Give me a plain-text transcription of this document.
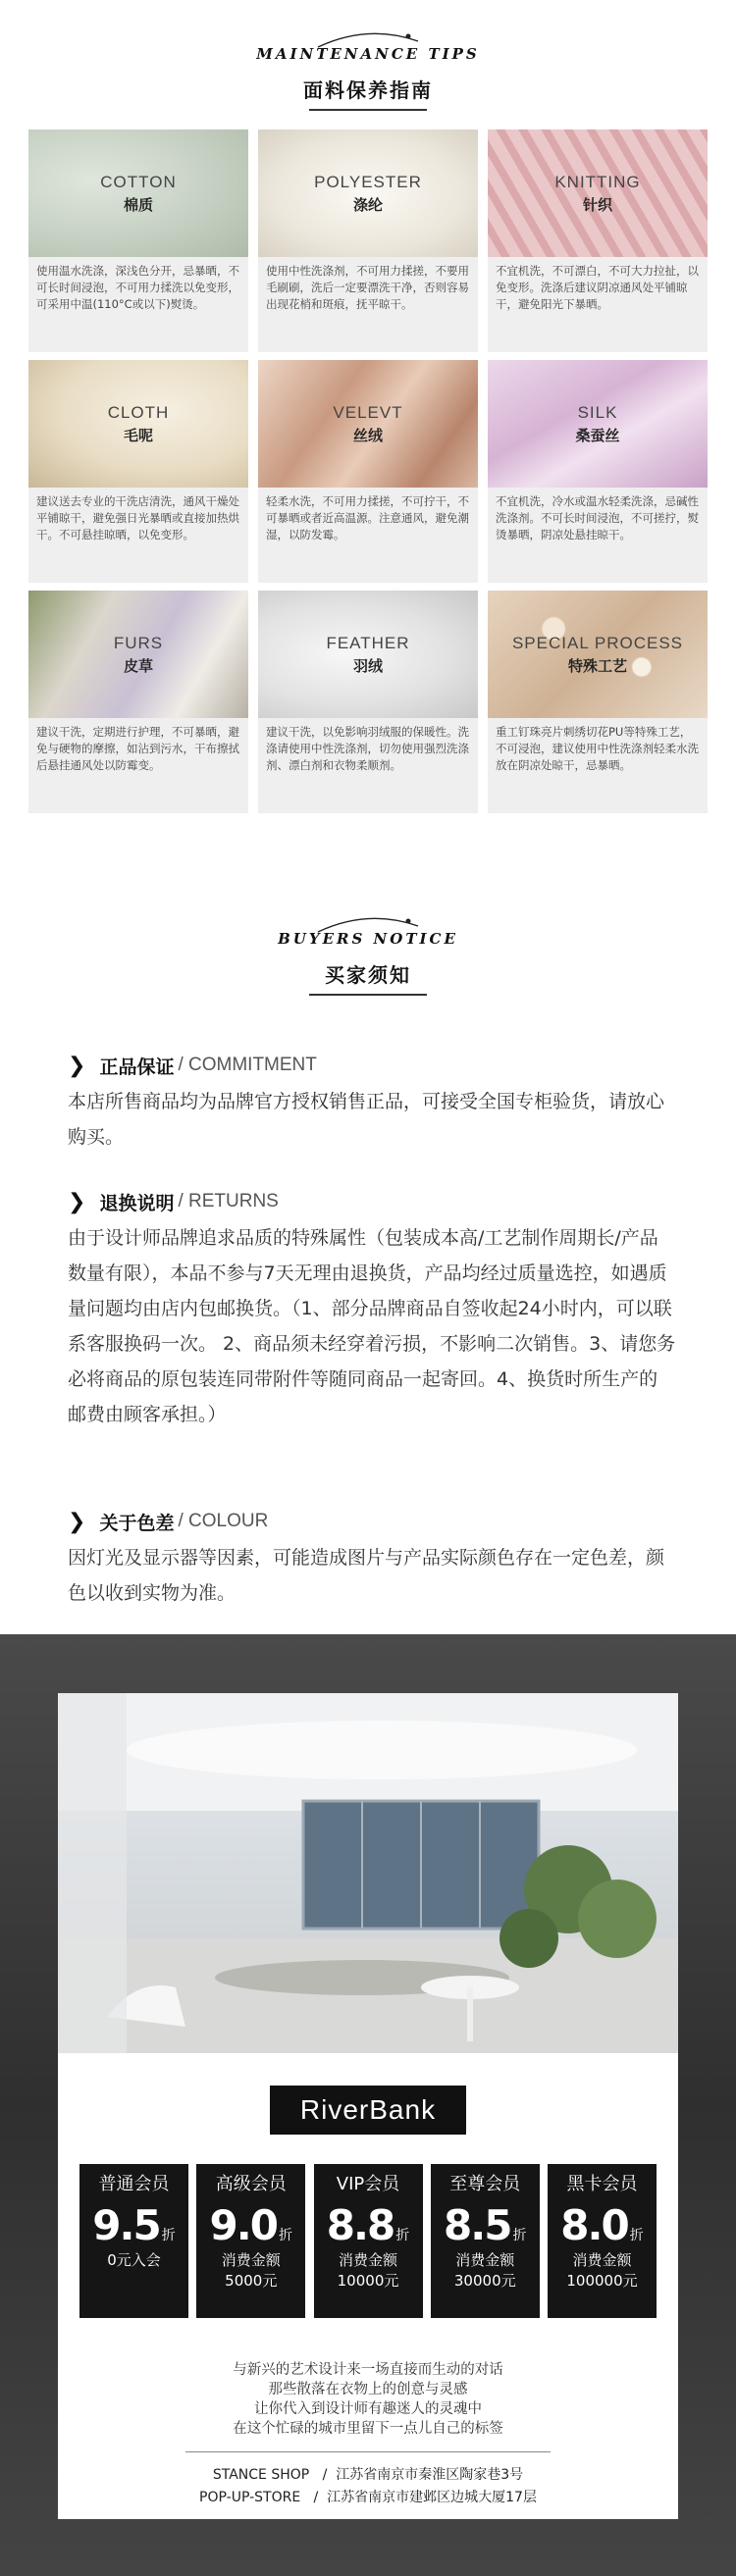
MAINTENANCE TIPS
面料保养指南
COTTON
棉质
使用温水洗涤，深浅色分开，忌暴晒，不可长时间浸泡，不可用力揉洗以免变形，可采用中温(110°C或以下)熨烫。
POLYESTER
涤纶
使用中性洗涤剂，不可用力揉搓，不要用毛刷刷，洗后一定要漂洗干净，否则容易出现花梢和斑痕，抚平晾干。
KNITTING
针织
不宜机洗，不可漂白，不可大力拉扯，以免变形。洗涤后建议阴凉通风处平铺晾干，避免阳光下暴晒。
CLOTH
毛呢
建议送去专业的干洗店清洗，通风干燥处平铺晾干，避免强日光暴晒或直接加热烘干。不可悬挂晾晒，以免变形。
VELEVT
丝绒
轻柔水洗，不可用力揉搓，不可拧干，不可暴晒或者近高温源。注意通风，避免潮湿，以防发霉。
SILK
桑蚕丝
不宜机洗，冷水或温水轻柔洗涤，忌碱性洗涤剂。不可长时间浸泡，不可搓拧，熨烫暴晒，阴凉处悬挂晾干。
FURS
皮草
建议干洗，定期进行护理，不可暴晒，避免与硬物的摩擦，如沾到污水，干布擦拭后悬挂通风处以防霉变。
FEATHER
羽绒
建议干洗，以免影响羽绒服的保暖性。洗涤请使用中性洗涤剂，切勿使用强烈洗涤剂、漂白剂和衣物柔顺剂。
SPECIAL PROCESS
特殊工艺
重工钉珠亮片刺绣切花PU等特殊工艺，不可浸泡，建议使用中性洗涤剂轻柔水洗放在阴凉处晾干，忌暴晒。
BUYERS NOTICE
买家须知
❯ 正品保证 / COMMITMENT
本店所售商品均为品牌官方授权销售正品，可接受全国专柜验货，请放心购买。
❯ 退换说明 / RETURNS
由于设计师品牌追求品质的特殊属性（包装成本高/工艺制作周期长/产品 数量有限），本品不参与7天无理由退换货，产品均经过质量选控，如遇质量问题均由店内包邮换货。（1、部分品牌商品自签收起24小时内，可以联系客服换码一次。 2、商品须未经穿着污损，不影响二次销售。3、请您务必将商品的原包装连同带附件等随同商品一起寄回。4、换货时所生产的邮费由顾客承担。）
❯ 关于色差 / COLOUR
因灯光及显示器等因素，可能造成图片与产品实际颜色存在一定色差，颜色以收到实物为准。
RiverBank
普通会员
9.5 折
0元入会
高级会员
9.0 折
消费金额
5000元
VIP会员
8.8 折
消费金额
10000元
至尊会员
8.5 折
消费金额
30000元
黑卡会员
8.0 折
消费金额
100000元
与新兴的艺术设计来一场直接而生动的对话
那些散落在衣物上的创意与灵感
让你代入到设计师有趣迷人的灵魂中
在这个忙碌的城市里留下一点儿自己的标签
STANCE SHOP   /  江苏省南京市秦淮区陶家巷3号
POP-UP-STORE   /  江苏省南京市建邺区边城大厦17层
